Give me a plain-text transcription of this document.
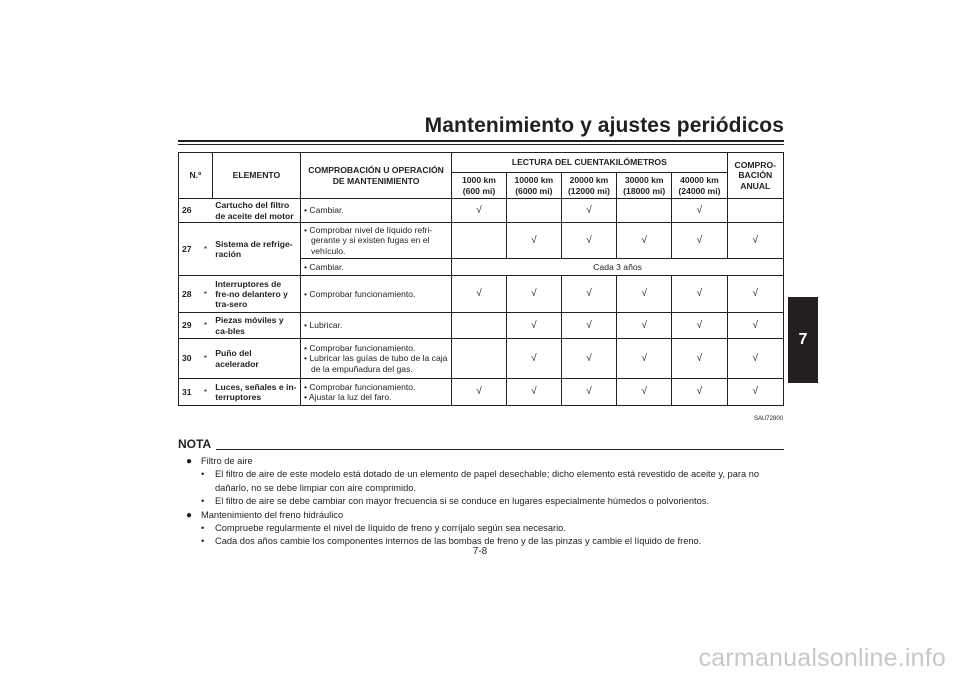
Mantenimiento y ajustes periódicos
7
N.º		ELEMENTO	COMPROBACIÓN U OPERACIÓN DE MANTENIMIENTO	LECTURA DEL CUENTAKILÓMETROS					COMPRO-BACIÓN ANUAL
				1000 km (600 mi)	10000 km (6000 mi)	20000 km (12000 mi)	30000 km (18000 mi)	40000 km (24000 mi)	
26		Cartucho del filtro de aceite del motor	• Cambiar.	√		√		√	
27	*	Sistema de refrige-ración	• Comprobar nivel de líquido refri-gerante y si existen fugas en el vehículo.		√	√	√	√	√

			• Cambiar.	Cada 3 años					
28	*	Interruptores de fre-no delantero y tra-sero	• Comprobar funcionamiento.	√	√	√	√	√	√
29	*	Piezas móviles y ca-bles	• Lubricar.		√	√	√	√	√
30	*	Puño del acelerador	• Comprobar funcionamiento.
• Lubricar las guías de tubo de la caja de la empuñadura del gas.		√	√	√	√	√
31	*	Luces, señales e in-terruptores	• Comprobar funcionamiento.
• Ajustar la luz del faro.	√	√	√	√	√	√
SAU72800
NOTA
● Filtro de aire
• El filtro de aire de este modelo está dotado de un elemento de papel desechable; dicho elemento está revestido de aceite y, para no dañarlo, no se debe limpiar con aire comprimido.
• El filtro de aire se debe cambiar con mayor frecuencia si se conduce en lugares especialmente húmedos o polvorientos.
● Mantenimiento del freno hidráulico
• Compruebe regularmente el nivel de líquido de freno y corríjalo según sea necesario.
• Cada dos años cambie los componentes internos de las bombas de freno y de las pinzas y cambie el líquido de freno.
7-8
carmanualsonline.info
